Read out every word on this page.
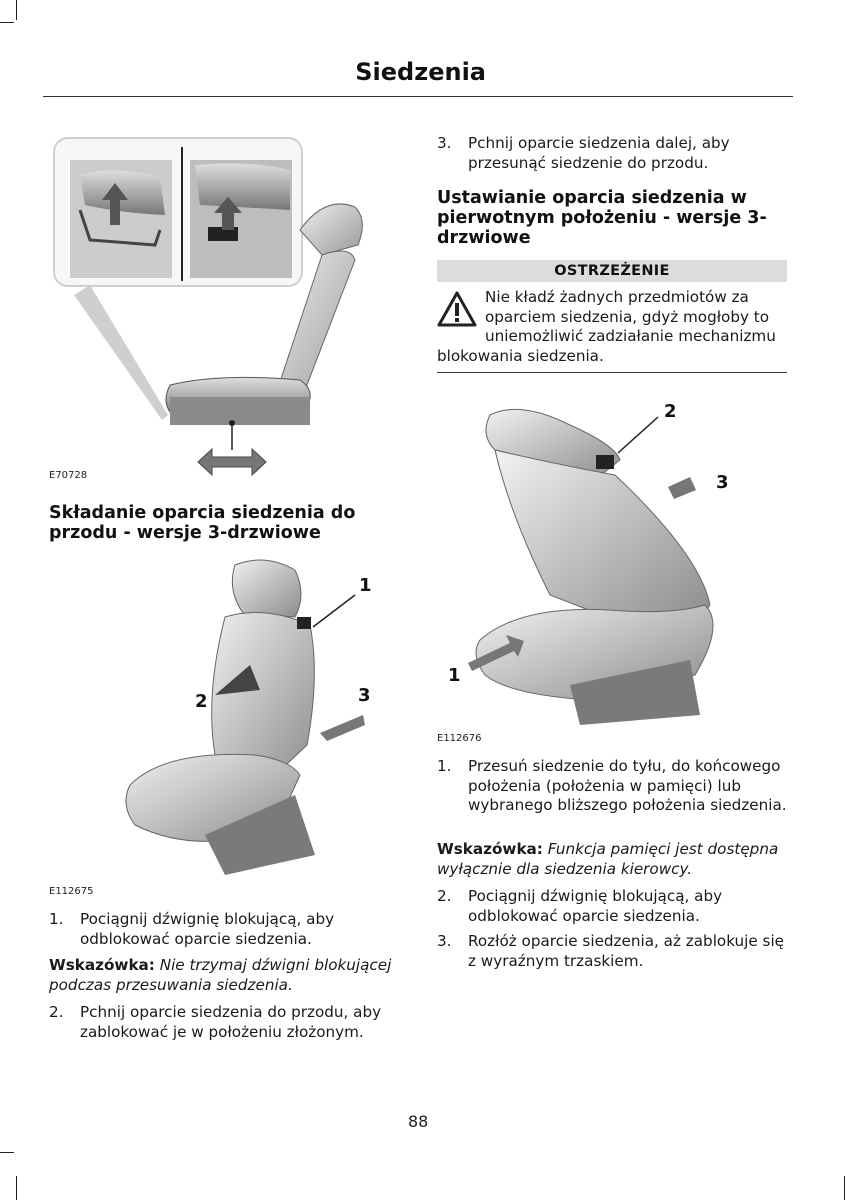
Siedzenia
E70728
Składanie oparcia siedzenia do przodu - wersje 3-drzwiowe
1
2	3
E112675
1. Pociągnij dźwignię blokującą, aby odblokować oparcie siedzenia.
Wskazówka: Nie trzymaj dźwigni blokującej podczas przesuwania siedzenia.
2. Pchnij oparcie siedzenia do przodu, aby zablokować je w położeniu złożonym.
3. Pchnij oparcie siedzenia dalej, aby przesunąć siedzenie do przodu.
Ustawianie oparcia siedzenia w pierwotnym położeniu - wersje 3-drzwiowe
OSTRZEŻENIE
Nie kładź żadnych przedmiotów za oparciem siedzenia, gdyż mogłoby to uniemożliwić zadziałanie mechanizmu blokowania siedzenia.
2
3
1
E112676
1. Przesuń siedzenie do tyłu, do końcowego położenia (położenia w pamięci) lub wybranego bliższego położenia siedzenia.
Wskazówka: Funkcja pamięci jest dostępna wyłącznie dla siedzenia kierowcy.
2. Pociągnij dźwignię blokującą, aby odblokować oparcie siedzenia.
3. Rozłóż oparcie siedzenia, aż zablokuje się z wyraźnym trzaskiem.
88
